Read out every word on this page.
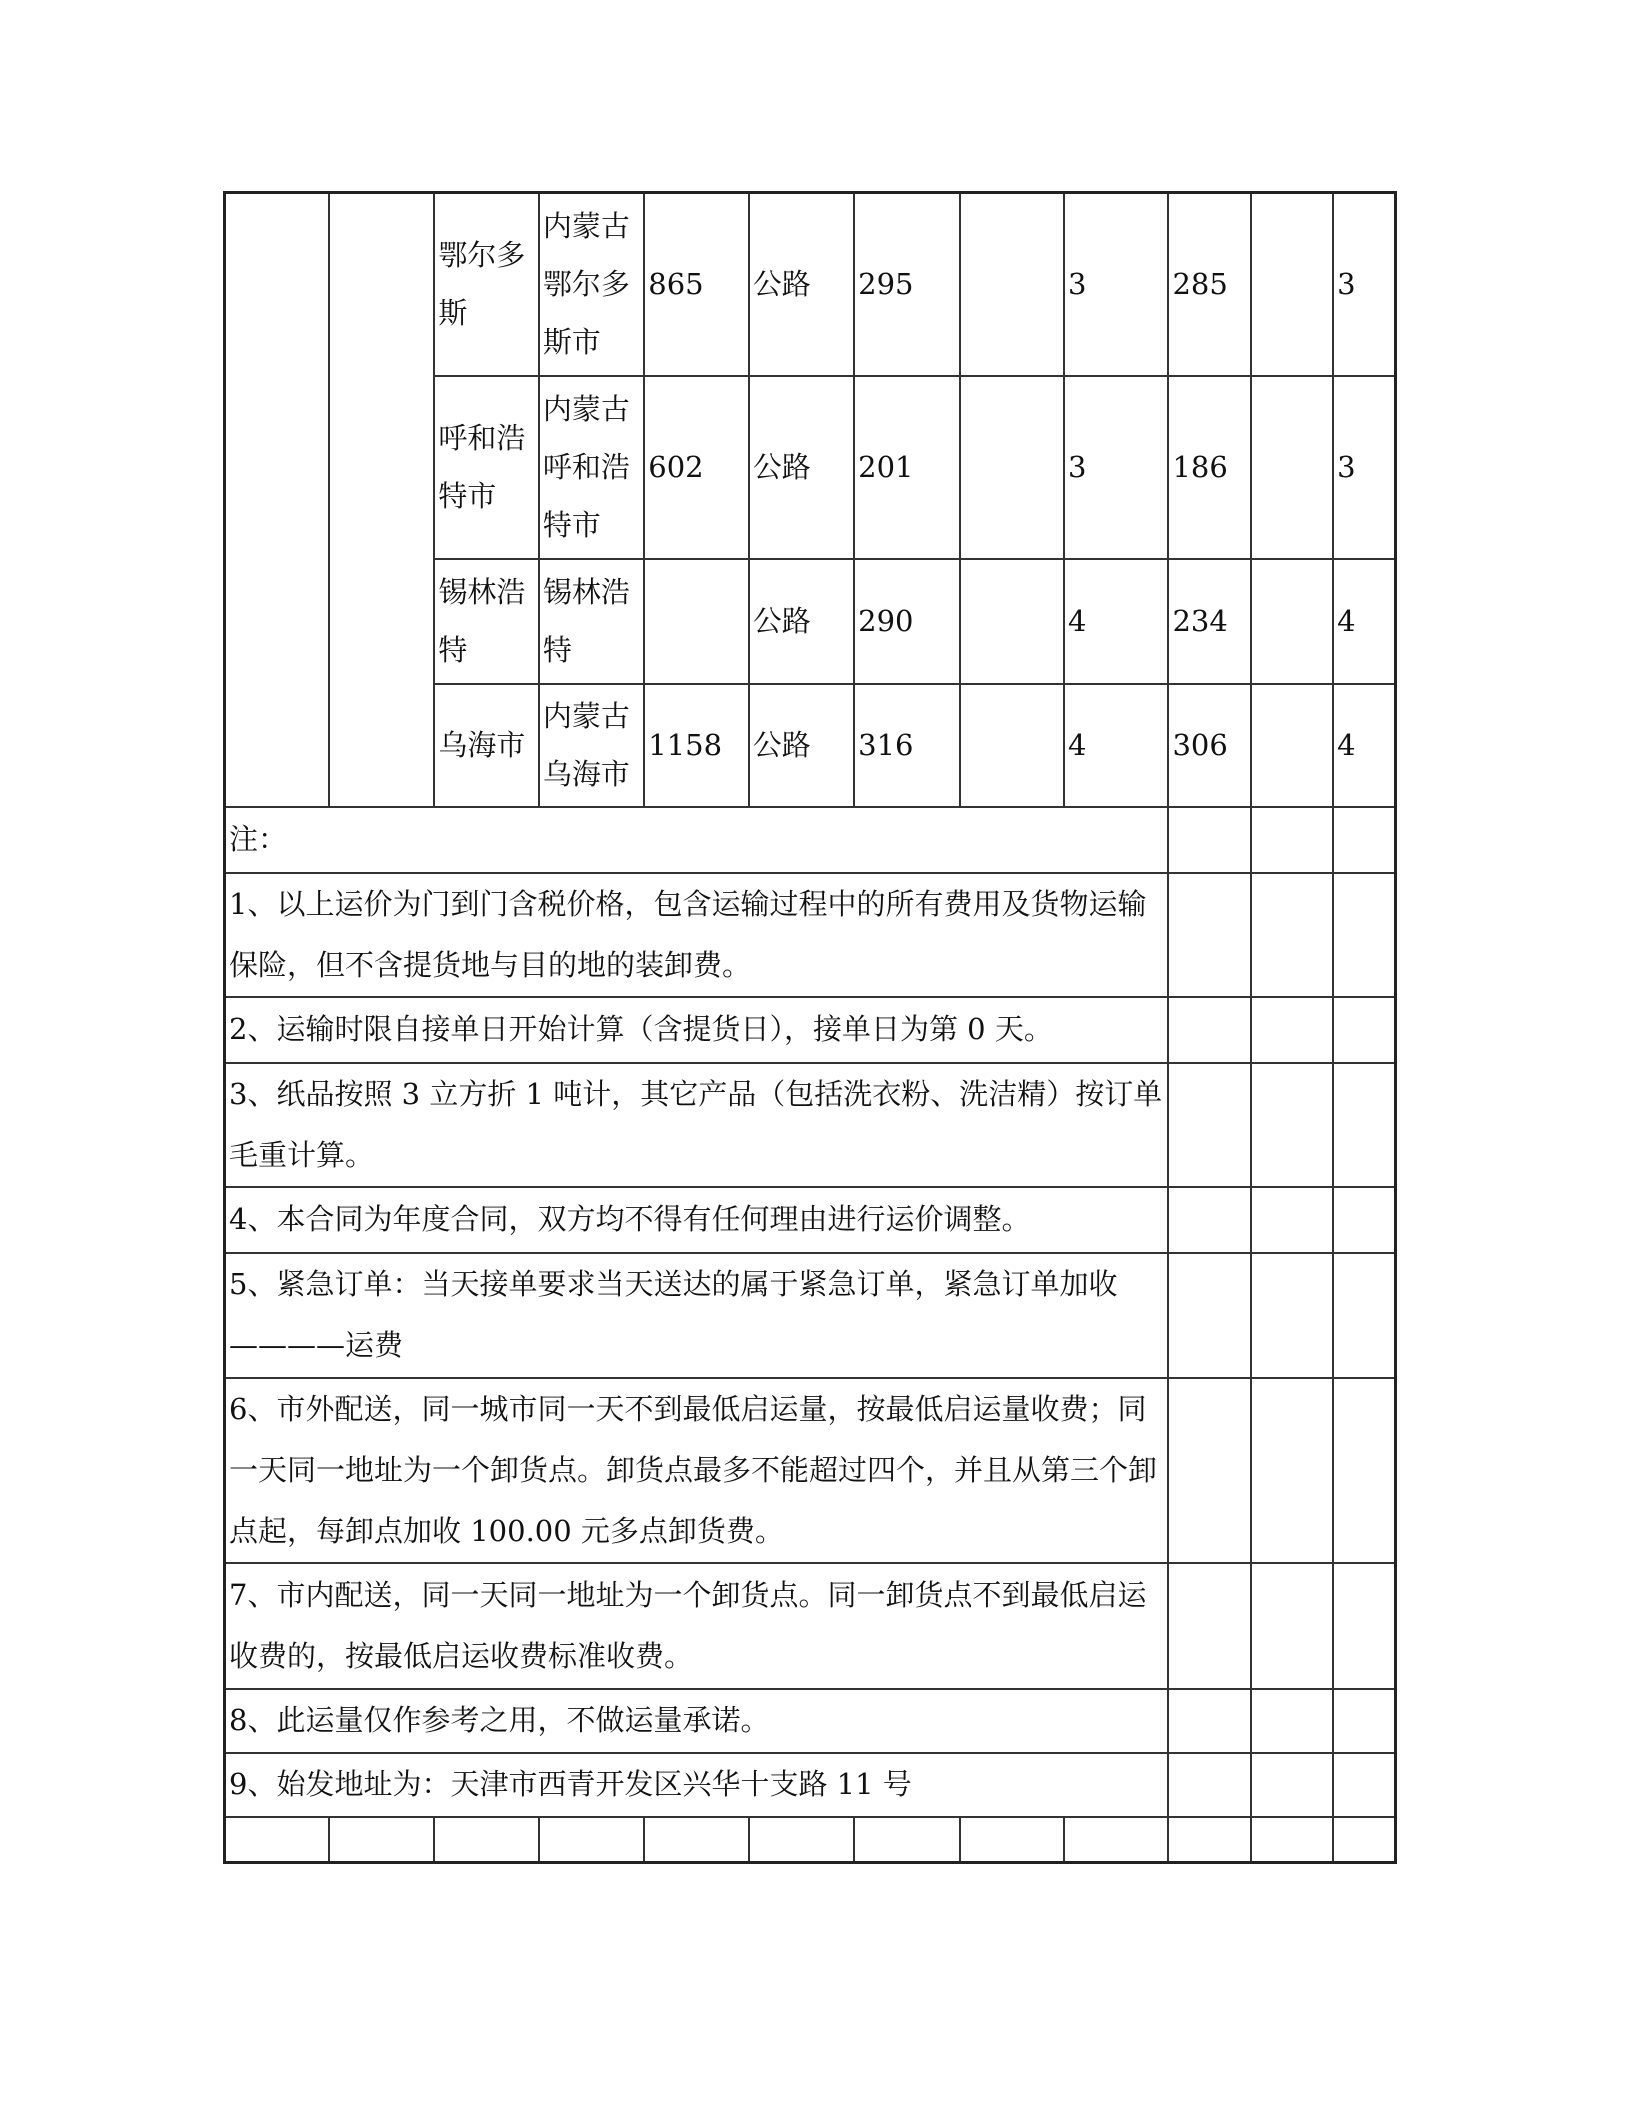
		鄂尔多斯	内蒙古鄂尔多斯市	865	公路	295		3	285		3
		呼和浩特市	内蒙古呼和浩特市	602	公路	201		3	186		3
		锡林浩特	锡林浩特		公路	290		4	234		4
		乌海市	内蒙古乌海市	1158	公路	316		4	306		4
注：											
1、以上运价为门到门含税价格，包含运输过程中的所有费用及货物运输保险，但不含提货地与目的地的装卸费。											
2、运输时限自接单日开始计算（含提货日），接单日为第 0 天。											
3、纸品按照 3 立方折 1 吨计，其它产品（包括洗衣粉、洗洁精）按订单毛重计算。											
4、本合同为年度合同，双方均不得有任何理由进行运价调整。											
5、紧急订单：当天接单要求当天送达的属于紧急订单，紧急订单加收————运费											
6、市外配送，同一城市同一天不到最低启运量，按最低启运量收费；同一天同一地址为一个卸货点。卸货点最多不能超过四个，并且从第三个卸点起，每卸点加收 100.00 元多点卸货费。											
7、市内配送，同一天同一地址为一个卸货点。同一卸货点不到最低启运收费的，按最低启运收费标准收费。											
8、此运量仅作参考之用，不做运量承诺。											
9、始发地址为：天津市西青开发区兴华十支路 11 号											
